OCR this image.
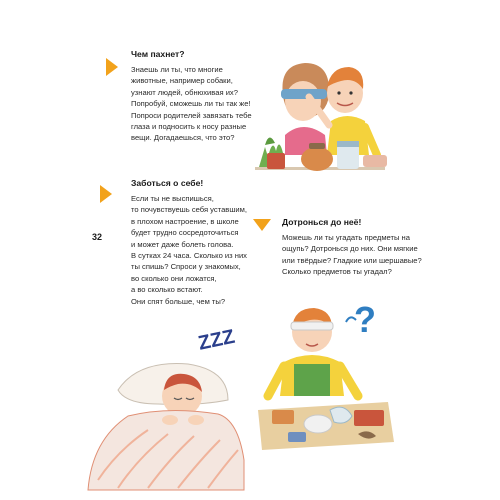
Чем пахнет?
Знаешь ли ты, что многие
животные, например собаки,
узнают людей, обнюхивая их?
Попробуй, сможешь ли ты так же!
Попроси родителей завязать тебе
глаза и подносить к носу разные
вещи. Догадаешься, что это?
Заботься о себе!
Если ты не выспишься,
то почувствуешь себя уставшим,
в плохом настроение, в школе
будет трудно сосредоточиться
и может даже болеть голова.
В сутках 24 часа. Сколько из них
ты спишь? Спроси у знакомых,
во сколько они ложатся,
а во сколько встают.
Они спят больше, чем ты?
32
Дотронься до неё!
Можешь ли ты угадать предметы на
ощупь? Дотронься до них. Они мягкие
или твёрдые? Гладкие или шершавые?
Сколько предметов ты угадал?
ZZZ
?
